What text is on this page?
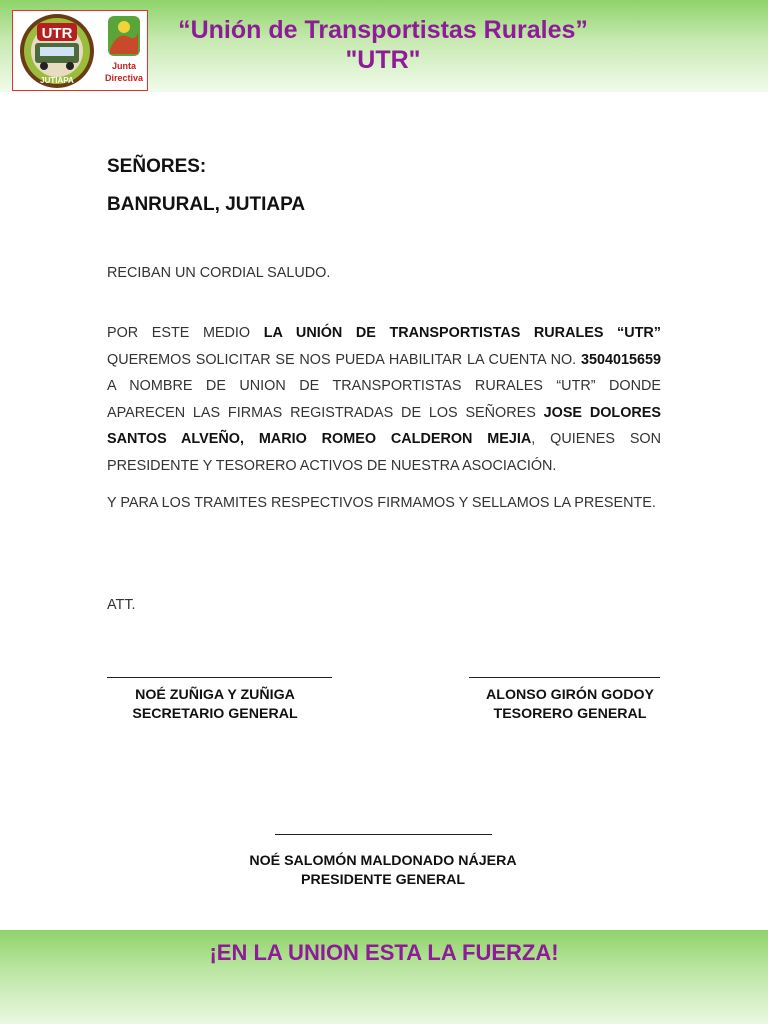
UTR
JUTIAPA
Junta
Directiva
“Unión de Transportistas Rurales”
"UTR"
SEÑORES:
BANRURAL, JUTIAPA
RECIBAN UN CORDIAL SALUDO.
POR ESTE MEDIO LA UNIÓN DE TRANSPORTISTAS RURALES “UTR” QUEREMOS SOLICITAR SE NOS PUEDA HABILITAR LA CUENTA NO. 3504015659 A NOMBRE DE UNION DE TRANSPORTISTAS RURALES “UTR” DONDE APARECEN LAS FIRMAS REGISTRADAS DE LOS SEÑORES JOSE DOLORES SANTOS ALVEÑO, MARIO ROMEO CALDERON MEJIA, QUIENES SON PRESIDENTE Y TESORERO ACTIVOS DE NUESTRA ASOCIACIÓN.
Y PARA LOS TRAMITES RESPECTIVOS FIRMAMOS Y SELLAMOS LA PRESENTE.
ATT.
NOÉ ZUÑIGA Y ZUÑIGA
SECRETARIO GENERAL
ALONSO GIRÓN GODOY
TESORERO GENERAL
NOÉ SALOMÓN MALDONADO NÁJERA
PRESIDENTE GENERAL
¡EN LA UNION ESTA LA FUERZA!
